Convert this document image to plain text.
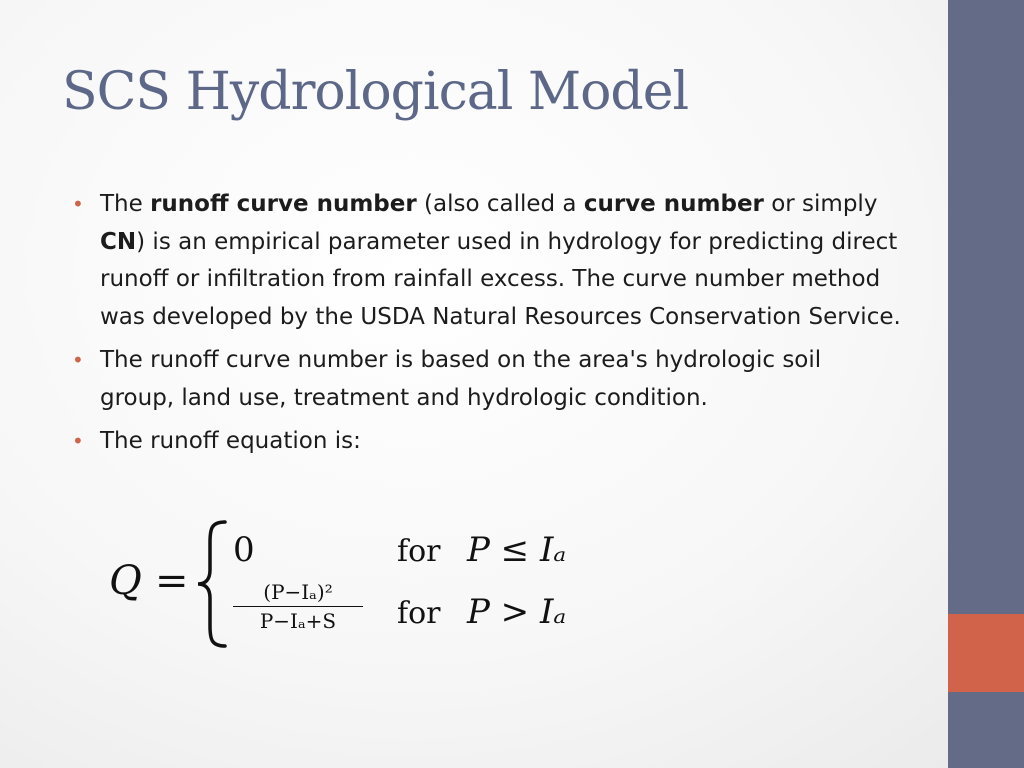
SCS Hydrological Model
• The runoff curve number (also called a curve number or simply CN) is an empirical parameter used in hydrology for predicting direct runoff or infiltration from rainfall excess. The curve number method was developed by the USDA Natural Resources Conservation Service.
• The runoff curve number is based on the area's hydrologic soil group, land use, treatment and hydrologic condition.
• The runoff equation is:
Q =
0
$\frac{\text{(P−Iₐ)²}}{\text{P−Iₐ+S}}$
for P ≤ Iₐ
for P > Iₐ
